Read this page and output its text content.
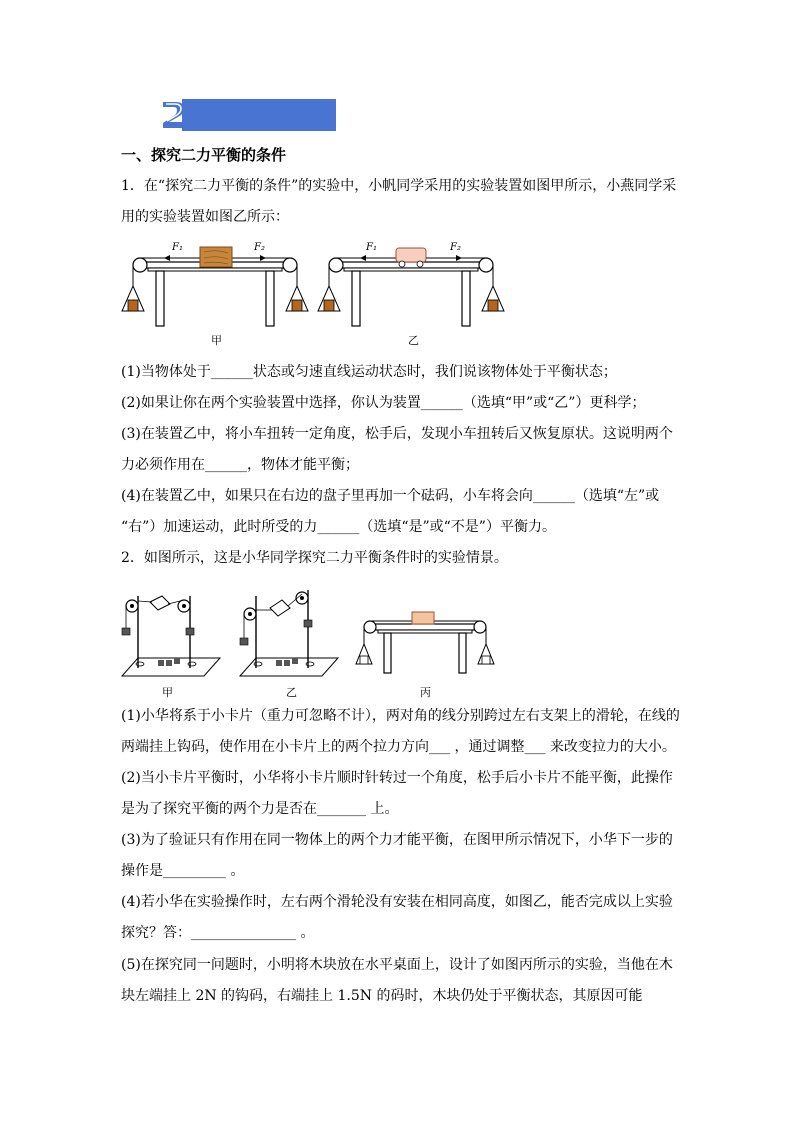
一、探究二力平衡的条件
1．在“探究二力平衡的条件”的实验中，小帆同学采用的实验装置如图甲所示，小燕同学采
用的实验装置如图乙所示：
F₁	F₂
甲
F₁	F₂
乙
(1)当物体处于______状态或匀速直线运动状态时，我们说该物体处于平衡状态；
(2)如果让你在两个实验装置中选择，你认为装置______（选填“甲”或“乙”）更科学；
(3)在装置乙中，将小车扭转一定角度，松手后，发现小车扭转后又恢复原状。这说明两个
力必须作用在______，物体才能平衡；
(4)在装置乙中，如果只在右边的盘子里再加一个砝码，小车将会向______（选填“左”或
“右”）加速运动，此时所受的力______（选填“是”或“不是”）平衡力。
2．如图所示，这是小华同学探究二力平衡条件时的实验情景。
甲	乙	丙
(1)小华将系于小卡片（重力可忽略不计），两对角的线分别跨过左右支架上的滑轮，在线的
两端挂上钩码，使作用在小卡片上的两个拉力方向___ ，通过调整___ 来改变拉力的大小。
(2)当小卡片平衡时，小华将小卡片顺时针转过一个角度，松手后小卡片不能平衡，此操作
是为了探究平衡的两个力是否在_______ 上。
(3)为了验证只有作用在同一物体上的两个力才能平衡，在图甲所示情况下，小华下一步的
操作是_________ 。
(4)若小华在实验操作时，左右两个滑轮没有安装在相同高度，如图乙，能否完成以上实验
探究？答：_______________ 。
(5)在探究同一问题时，小明将木块放在水平桌面上，设计了如图丙所示的实验，当他在木
块左端挂上 2N 的钩码，右端挂上 1.5N 的码时，木块仍处于平衡状态，其原因可能
